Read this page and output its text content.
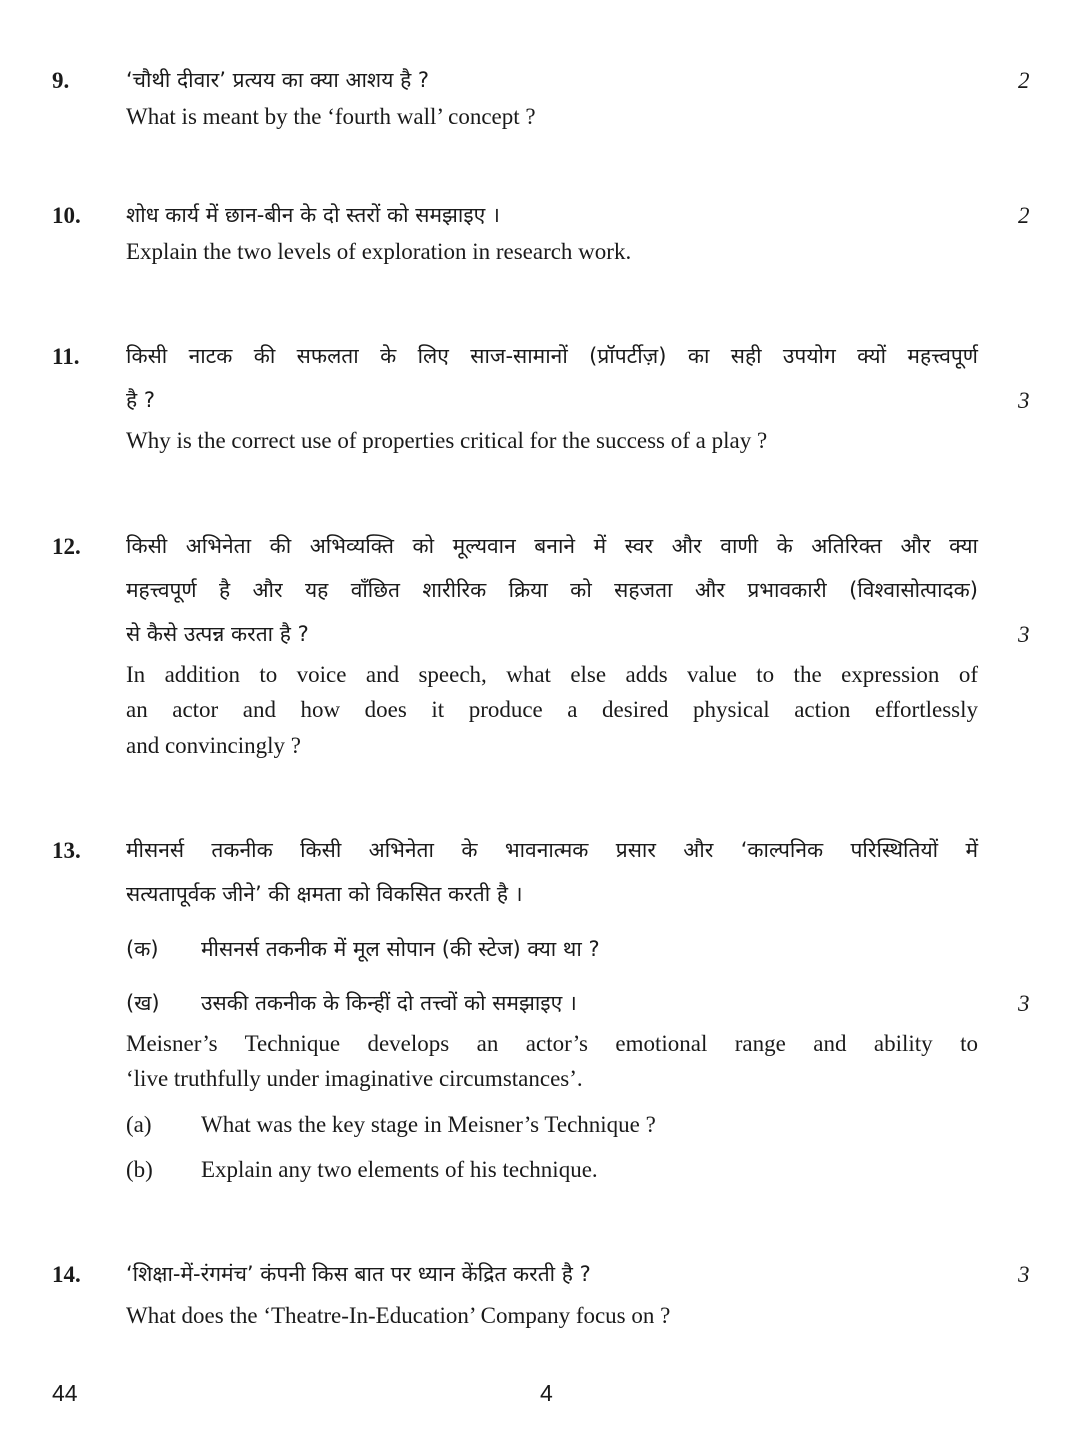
9.	‘चौथी दीवार’ प्रत्यय का क्या आशय है ?	2
What is meant by the ‘fourth wall’ concept ?
10. शोध कार्य में छान-बीन के दो स्तरों को समझाइए ।	2
Explain the two levels of exploration in research work.
11. किसी नाटक की सफलता के लिए साज-सामानों (प्रॉपर्टीज़) का सही उपयोग क्यों महत्त्वपूर्ण
है ?	3
Why is the correct use of properties critical for the success of a play ?
12. किसी अभिनेता की अभिव्यक्ति को मूल्यवान बनाने में स्वर और वाणी के अतिरिक्त और क्या
महत्त्वपूर्ण है और यह वाँछित शारीरिक क्रिया को सहजता और प्रभावकारी (विश्वासोत्पादक)
से कैसे उत्पन्न करता है ?	3
In addition to voice and speech, what else adds value to the expression of
an actor and how does it produce a desired physical action effortlessly
and convincingly ?
13. मीसनर्स तकनीक किसी अभिनेता के भावनात्मक प्रसार और ‘काल्पनिक परिस्थितियों में
सत्यतापूर्वक जीने’ की क्षमता को विकसित करती है ।
(क) मीसनर्स तकनीक में मूल सोपान (की स्टेज) क्या था ?
(ख) उसकी तकनीक के किन्हीं दो तत्त्वों को समझाइए ।	3
Meisner’s Technique develops an actor’s emotional range and ability to
‘live truthfully under imaginative circumstances’.
(a) What was the key stage in Meisner’s Technique ?
(b) Explain any two elements of his technique.
14. ‘शिक्षा-में-रंगमंच’ कंपनी किस बात पर ध्यान केंद्रित करती है ?	3
What does the ‘Theatre-In-Education’ Company focus on ?
44	4
